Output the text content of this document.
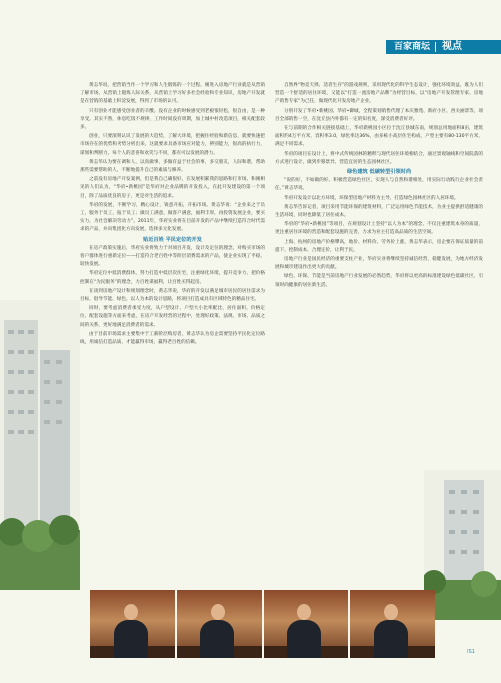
百家商坛	视点

黄志华说，把营销当作一个学习和人生锻炼的一个过程。刚进入房地产行业就是从营销了解市场，从营销上锻炼人际关系，从营销上学习好多社会经验和专业知识，房地产开发就是在营销的基础上积淀发展，得到了市场的认可。

只有创业才能感受创业者的辛酸。没有企业的时候感受到老板很轻松，很自由，是一种享受。其实不然，休息吃饭不规律，工作时间没有周期，加上城中村改造项目，相关配套较多。

创业，只要深刻认识了发展的大趋势，了解大环境，把握住经验和新信息，就要快速把市场存在的优势和劣势分析出来，这就要求具备市场应对能力，辨别能力，很高的执行力，谋划和判断力。每个人的悲喜和欢笑与不同，都有可以发展的潜力。

黄志华认为要在调和人，以真做事，多做有益于社会的事，多交朋友，人际和谐，帮助那些需要帮助的人，不断地提升自己的素质与修养。

之前没有房地产开发案例，但是我自己确很好，在发展积累我的思路和打市场。和刚相见的人们认为，“华府•新桃园”是华府对企业品牌的开发投入，在此开发建设的第一个项目，除了品质优良的房子，更是对生活的追求。

华府的发展，不断学习，精心设计，锐意开拓，开拓市场。黄志华说：“企业来之于员工，服务于员工，报于员工；做员工满意，做客户满意，福利丰厚，再投资发展企业，要买实力，为社会解决劳动力”。2011年，华府实业将在目前开发的产品中继续打造符合时代需求的产品，并向集团化方向发展，选择多元化发展。

贴近百姓 平民定位的开发

在房产政策实施后，华府实业将致力于对项目开发，设计及定位的理念，对购买市场的客户群体进行重新定位——打造符合老百姓中等阶层消费需求的产品，使企业实现了平稳、较快发展。

华府定位中低消费群体，努力打造中低层次住宅，注重绿化环境，提升竞争力，把价格控制在“为民服务”的理念，力百姓谋福利，让百姓买得起房。

在谈到房地产设计和规划理念时，黄志华说，华府的开发以满足城市居民的居住需求为目标，倡导节能、绿色、以人为本的设计思路，将项目打造成具有区域特色的精品住宅。

同时，要考虑消费者承受力度，从户型设计、户型大小比率配比、居住面积、价格定位、配套设施等方面来考虑，在房产开发经营的过程中，处理好政策、法规、市场、品质之间的关系，更好地满足消费者的需求。

由于目前市场需求主要集中于工薪阶层购房者，黄志华认为房企需要坚持平民化定位路线，用诚信打造品质，才能赢得市场，赢得老百姓的信赖。

自然界“物竞天择、适者生存”的游戏规则，采用现代化的科学生态设计，强化环境效益，既为人们营造一个舒适的居住环境，又能以“打造一流房地产品牌”为经营目标，以“房地产开发管理专家、房地产销售专家”为己任，做现代化开发房地产企业。

分别开发了华府•新桃园、华府•御城，全程策划销售代理了本庆雅苑、新府小区、西关丽景等，项目全部销售一空，在沈丘县内外都有一定的知名度，深受消费者好评。

在与前期的合作相关链接基础上，华府新桃园小区位于沈丘县城东南，规划总用地面积8亩，建筑面积约4万平方米，容积率3.0，绿化率达36%，由多栋小高层住宅构成，户型主要有80-130平方米，满足不同需求。

华府的项目在设计上，将中式传统园林的精粹与现代居住环境相结合，通过景观轴线和空间院落的方式进行设计，做到步移景异，营造宜居的生态园林社区。

绿色建筑 低碳转型引领时尚

“说的好，不如做的好。积极营造绿色社区，实现人与自然和谐相处，用实际行动践行企业社会责任。”黄志华说。

华府开发设计以北方环境，环保型房地产材料为主导，打造绿色园林社区的人居环境。

黄志华告诉记者，项目采用节能环保的建筑材料，广泛运用绿色节能技术，为业主提供舒适健康的生活环境，同时也降低了居住成本。

华府的“华府•新桃园”等项目，在规划设计上坚持“以人为本”的理念，不仅注重建筑本身的质量，更注重居住环境的营造和配套设施的完善，力求为业主打造高品质的生活空间。

上海、杭州的房地产价格攀高，地价、材料价、劳务价上涨，黄志华表示，房企要在保证质量的前提下，控制成本，合理定价，让利于民。

房地产行业是国民经济的重要支柱产业，华府实业将继续坚持诚信经营，稳健发展，为地方经济发展和城市建设作出更大的贡献。

绿色、环保、节能是当前房地产行业发展的必然趋势，华府将以更高的标准建设绿色低碳社区，引领时尚健康的居住新生活。

IS1
